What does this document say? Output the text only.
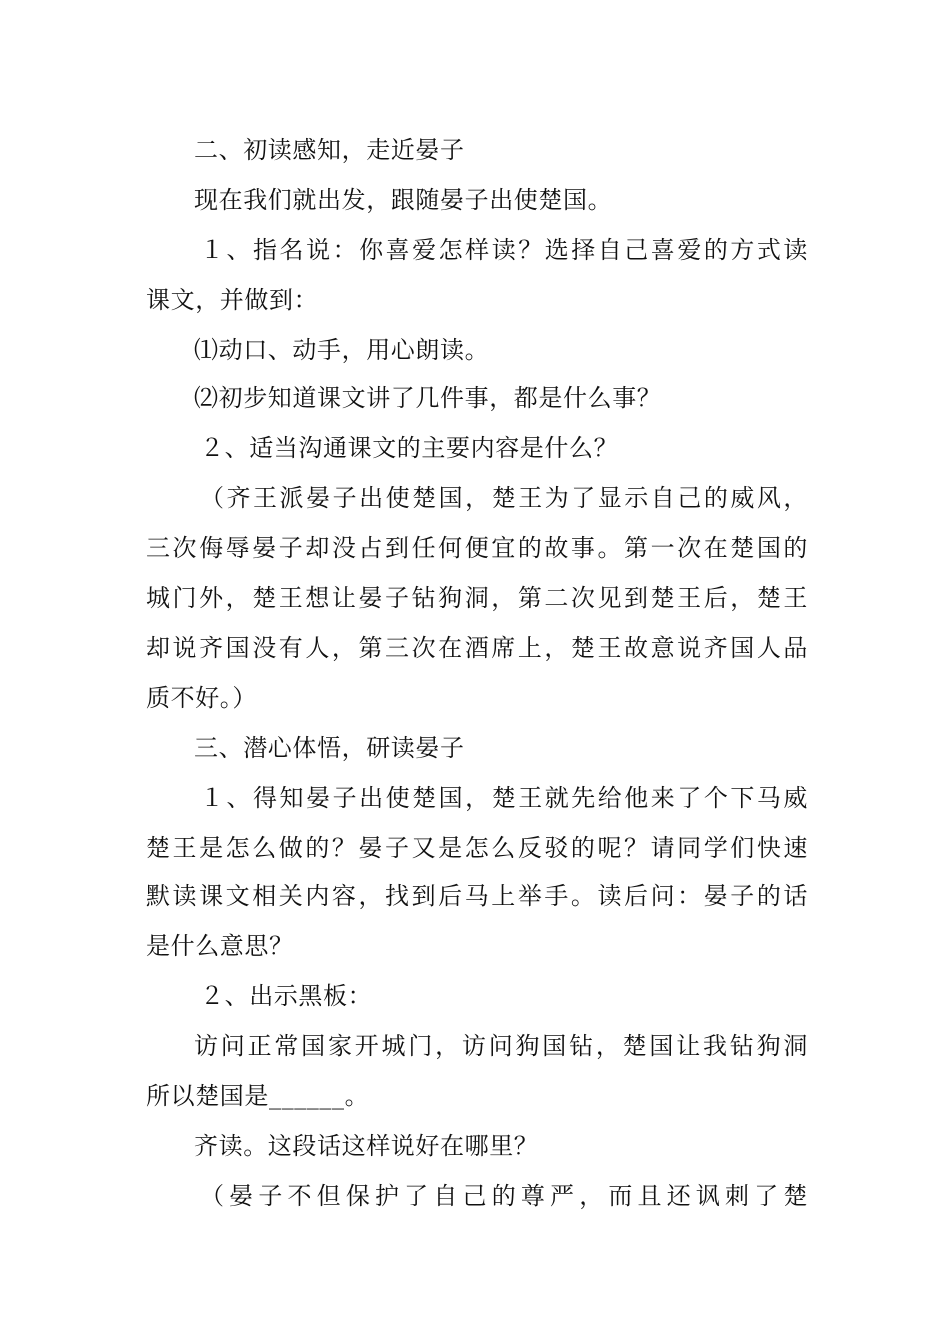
二、初读感知，走近晏子
现在我们就出发，跟随晏子出使楚国。
１、指名说：你喜爱怎样读？选择自己喜爱的方式读
课文，并做到：
⑴动口、动手，用心朗读。
⑵初步知道课文讲了几件事，都是什么事？
２、适当沟通课文的主要内容是什么？
（齐王派晏子出使楚国，楚王为了显示自己的威风，
三次侮辱晏子却没占到任何便宜的故事。第一次在楚国的
城门外，楚王想让晏子钻狗洞，第二次见到楚王后，楚王
却说齐国没有人，第三次在酒席上，楚王故意说齐国人品
质不好。）
三、潜心体悟，研读晏子
１、得知晏子出使楚国，楚王就先给他来了个下马威
楚王是怎么做的？晏子又是怎么反驳的呢？请同学们快速
默读课文相关内容，找到后马上举手。读后问：晏子的话
是什么意思？
２、出示黑板：
访问正常国家开城门，访问狗国钻，楚国让我钻狗洞
所以楚国是______。
齐读。这段话这样说好在哪里？
（晏子不但保护了自己的尊严，而且还讽刺了楚
